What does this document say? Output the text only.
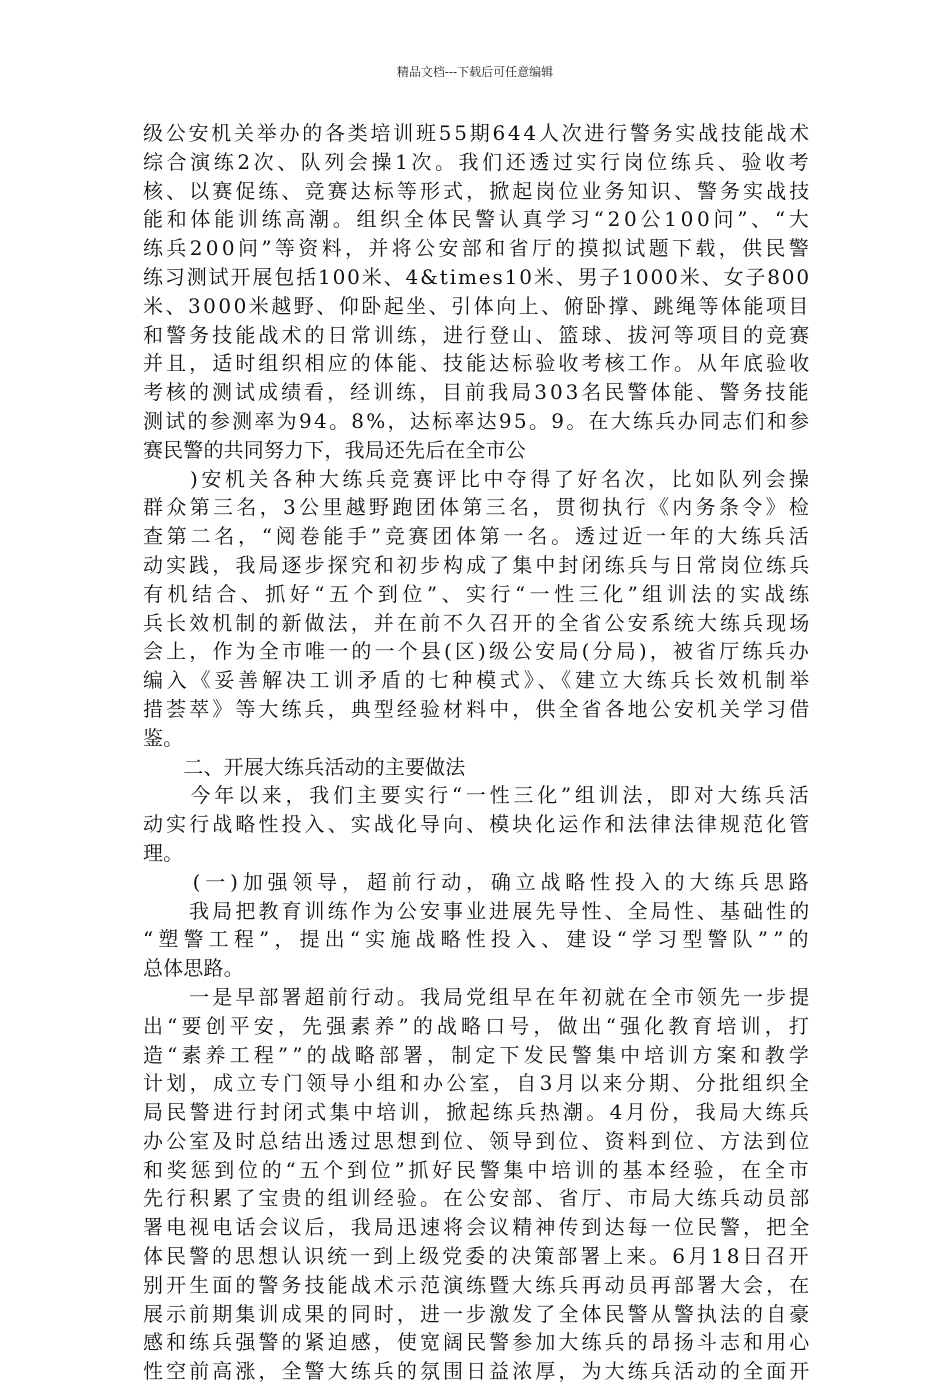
精品文档---下载后可任意编辑
级公安机关举办的各类培训班55期644人次进行警务实战技能战术
综合演练2次、队列会操1次。我们还透过实行岗位练兵、验收考
核、以赛促练、竞赛达标等形式，掀起岗位业务知识、警务实战技
能和体能训练高潮。组织全体民警认真学习“20公100问”、“大
练兵200问”等资料，并将公安部和省厅的摸拟试题下载，供民警
练习测试开展包括100米、4&times10米、男子1000米、女子800
米、3000米越野、仰卧起坐、引体向上、俯卧撑、跳绳等体能项目
和警务技能战术的日常训练，进行登山、篮球、拔河等项目的竞赛
并且，适时组织相应的体能、技能达标验收考核工作。从年底验收
考核的测试成绩看，经训练，目前我局303名民警体能、警务技能
测试的参测率为94。8%，达标率达95。9。在大练兵办同志们和参
赛民警的共同努力下，我局还先后在全市公
　　)安机关各种大练兵竞赛评比中夺得了好名次，比如队列会操
群众第三名，3公里越野跑团体第三名，贯彻执行《内务条令》检
查第二名，“阅卷能手”竞赛团体第一名。透过近一年的大练兵活
动实践，我局逐步探究和初步构成了集中封闭练兵与日常岗位练兵
有机结合、抓好“五个到位”、实行“一性三化”组训法的实战练
兵长效机制的新做法，并在前不久召开的全省公安系统大练兵现场
会上，作为全市唯一的一个县(区)级公安局(分局)，被省厅练兵办
编入《妥善解决工训矛盾的七种模式》、《建立大练兵长效机制举
措荟萃》等大练兵，典型经验材料中，供全省各地公安机关学习借
鉴。
　　二、开展大练兵活动的主要做法
　　今年以来，我们主要实行“一性三化”组训法，即对大练兵活
动实行战略性投入、实战化导向、模块化运作和法律法律规范化管
理。
　　(一)加强领导，超前行动，确立战略性投入的大练兵思路
　　我局把教育训练作为公安事业进展先导性、全局性、基础性的
“塑警工程”，提出“实施战略性投入、建设“学习型警队””的
总体思路。
　　一是早部署超前行动。我局党组早在年初就在全市领先一步提
出“要创平安，先强素养”的战略口号，做出“强化教育培训，打
造“素养工程””的战略部署，制定下发民警集中培训方案和教学
计划，成立专门领导小组和办公室，自3月以来分期、分批组织全
局民警进行封闭式集中培训，掀起练兵热潮。4月份，我局大练兵
办公室及时总结出透过思想到位、领导到位、资料到位、方法到位
和奖惩到位的“五个到位”抓好民警集中培训的基本经验，在全市
先行积累了宝贵的组训经验。在公安部、省厅、市局大练兵动员部
署电视电话会议后，我局迅速将会议精神传到达每一位民警，把全
体民警的思想认识统一到上级党委的决策部署上来。6月18日召开
别开生面的警务技能战术示范演练暨大练兵再动员再部署大会，在
展示前期集训成果的同时，进一步激发了全体民警从警执法的自豪
感和练兵强警的紧迫感，使宽阔民警参加大练兵的昂扬斗志和用心
性空前高涨，全警大练兵的氛围日益浓厚，为大练兵活动的全面开
